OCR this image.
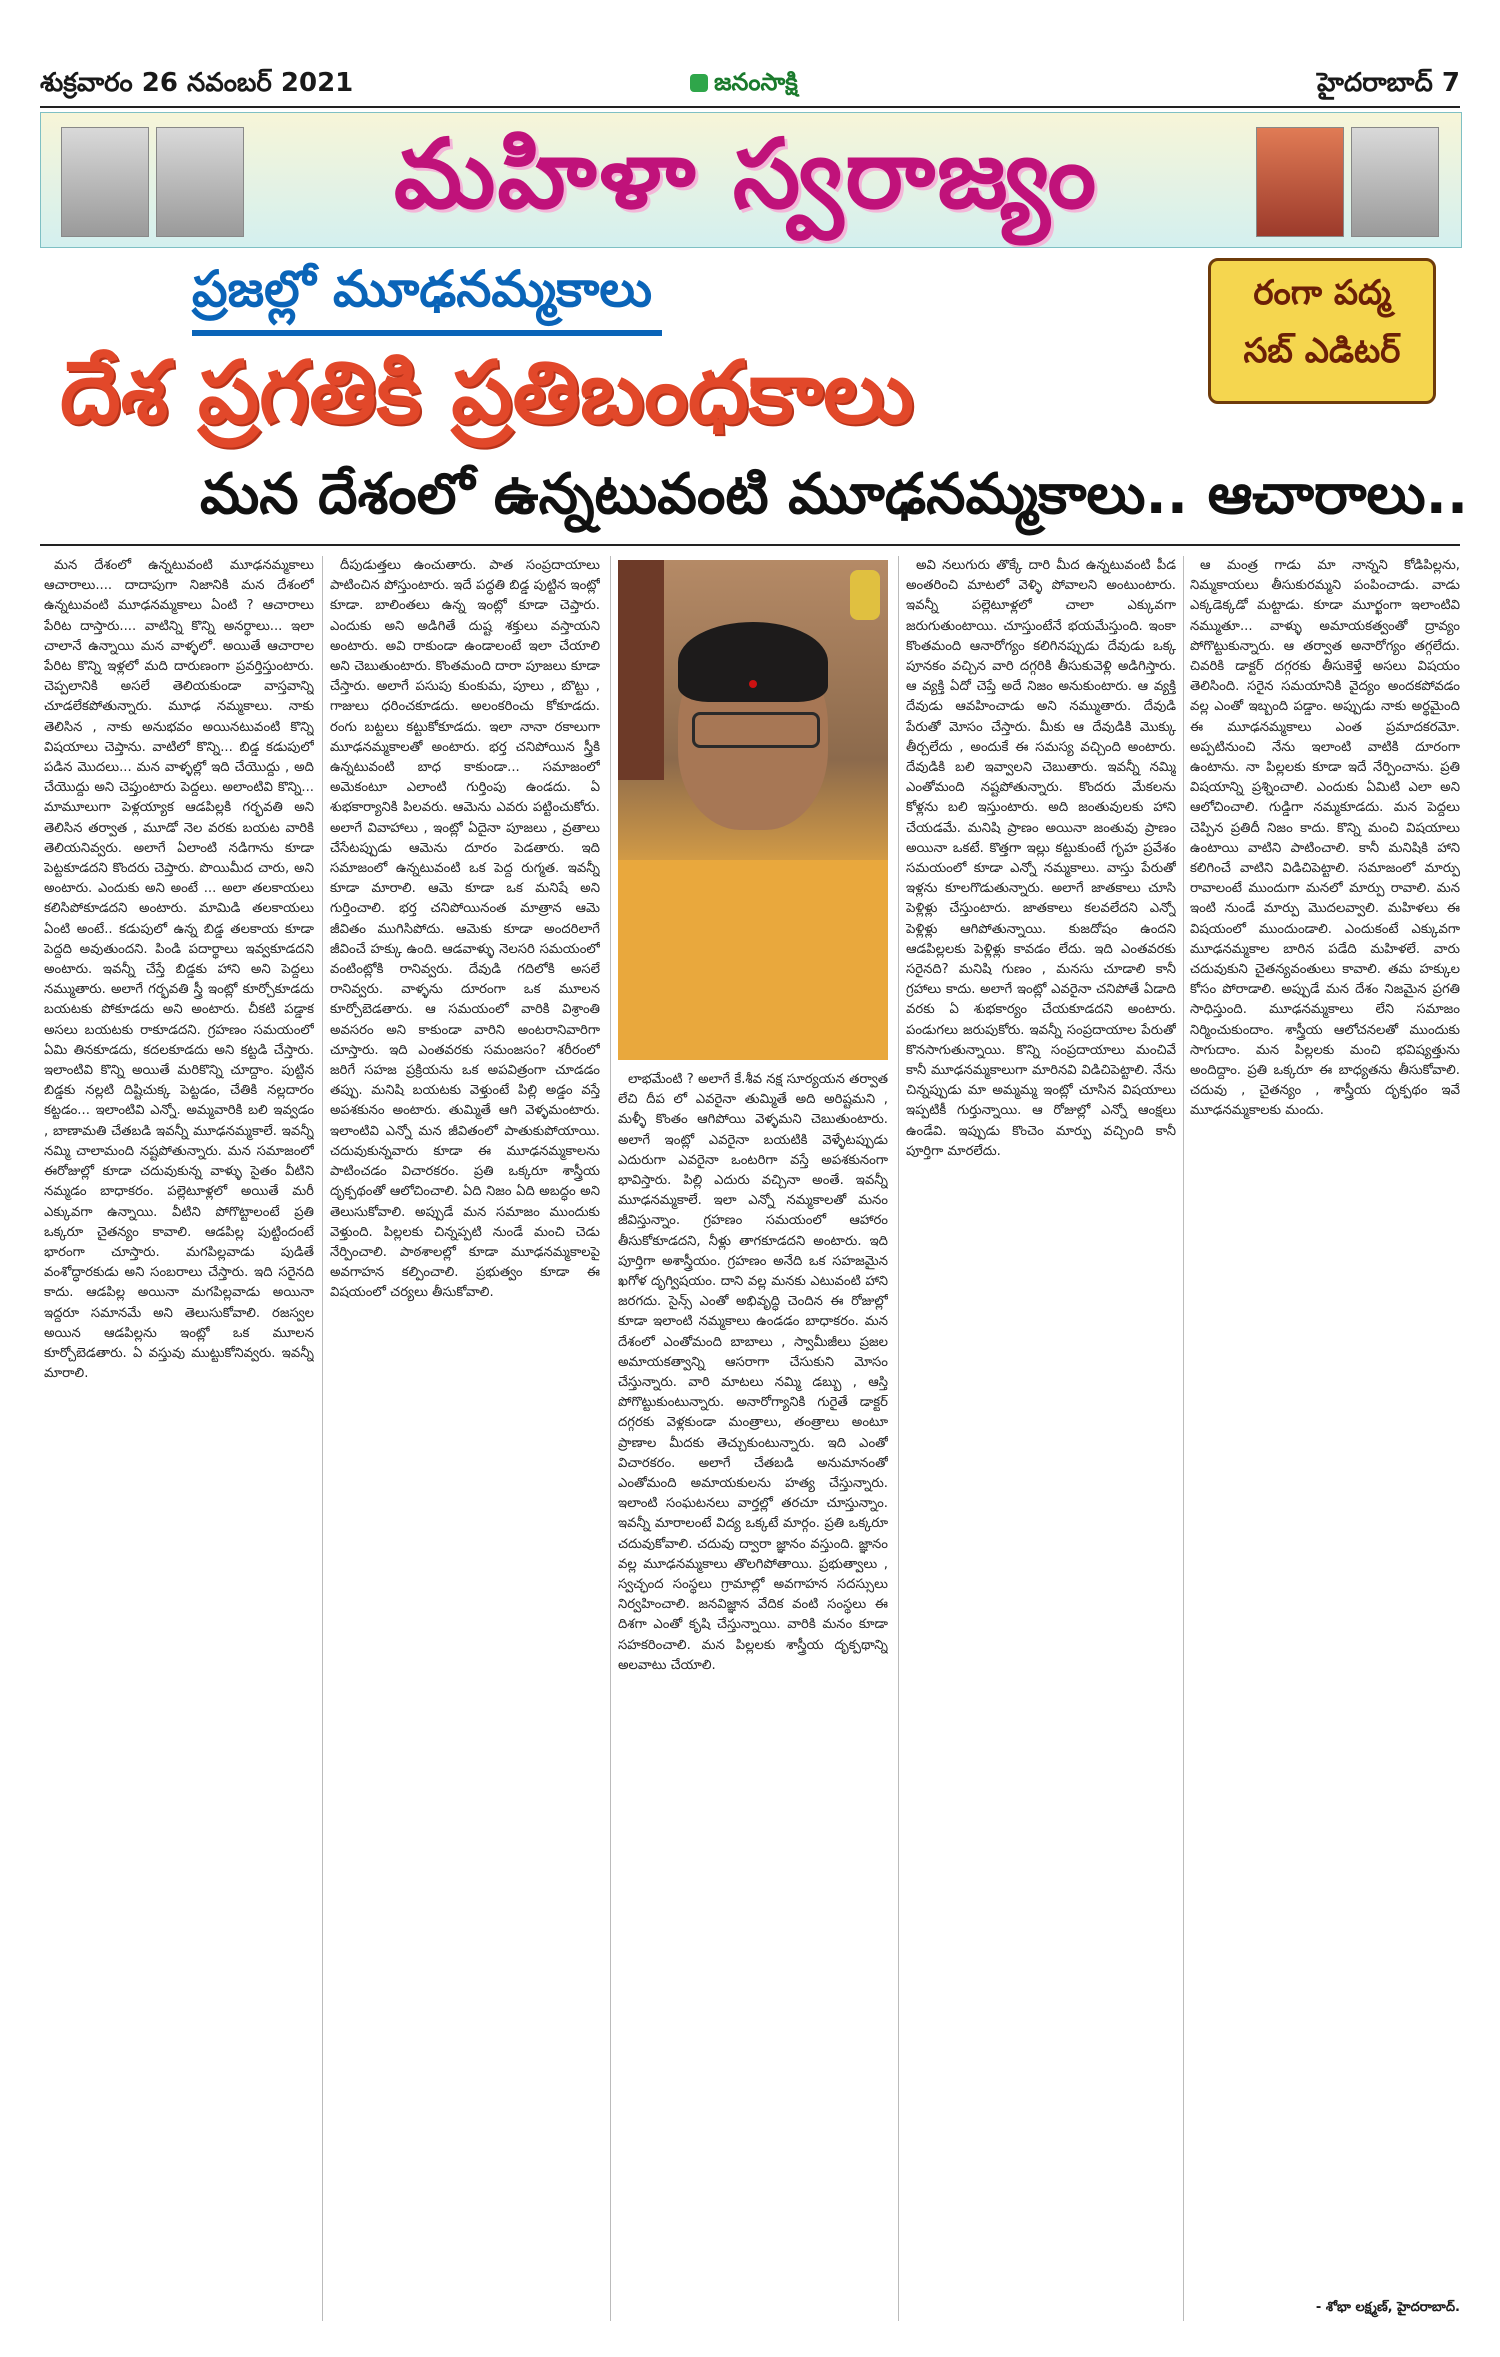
శుక్రవారం 26 నవంబర్ 2021	జనంసాక్షి	హైదరాబాద్ 7
మహిళా స్వరాజ్యం
ప్రజల్లో మూఢనమ్మకాలు	రంగా పద్మ
సబ్ ఎడిటర్
దేశ ప్రగతికి ప్రతిబంధకాలు
మన దేశంలో ఉన్నటువంటి మూఢనమ్మకాలు.. ఆచారాలు..

మన దేశంలో ఉన్నటువంటి మూఢనమ్మకాలు ఆచారాలు.... దాదాపుగా నిజానికి మన దేశంలో ఉన్నటువంటి మూఢనమ్మకాలు ఏంటి ? ఆచారాలు పేరిట దాస్తారు.... వాటిన్ని కొన్ని అనర్థాలు... ఇలా చాలానే ఉన్నాయి మన వాళ్ళలో. అయితే ఆచారాల పేరిట కొన్ని ఇళ్లలో మది దారుణంగా ప్రవర్తిస్తుంటారు. చెప్పలానికి అసలే తెలియకుండా వాస్తవాన్ని చూడలేకపోతున్నారు. మూఢ నమ్మకాలు. నాకు తెలిసిన , నాకు అనుభవం అయినటువంటి కొన్ని విషయాలు చెప్తాను. వాటిలో కొన్ని... బిడ్డ కడుపులో పడిన మొదలు... మన వాళ్ళల్లో ఇది చేయొద్దు , అది చేయొద్దు అని చెప్తుంటారు పెద్దలు. అలాంటివి కొన్ని... మామూలుగా పెళ్లయ్యాక ఆడపిల్లకి గర్భవతి అని తెలిసిన తర్వాత , మూడో నెల వరకు బయట వారికి తెలియనివ్వరు. అలాగే ఏలాంటి నడిగాను కూడా పెట్టకూడదని కొందరు చెప్తారు. పొయిమీద చారు, అని అంటారు. ఎందుకు అని అంటే ... అలా తలకాయలు కలిసిపోకూడదని అంటారు. మామిడి తలకాయలు ఏంటి అంటే.. కడుపులో ఉన్న బిడ్డ తలకాయ కూడా పెద్దది అవుతుందని. పిండి పదార్థాలు ఇవ్వకూడదని అంటారు. ఇవన్నీ చేస్తే బిడ్డకు హాని అని పెద్దలు నమ్ముతారు. అలాగే గర్భవతి స్త్రీ ఇంట్లో కూర్చోకూడదు బయటకు పోకూడదు అని అంటారు. చీకటి పడ్డాక అసలు బయటకు రాకూడదని. గ్రహణం సమయంలో ఏమి తినకూడదు, కదలకూడదు అని కట్టడి చేస్తారు. ఇలాంటివి కొన్ని అయితే మరికొన్ని చూద్దాం. పుట్టిన బిడ్డకు నల్లటి దిష్టిచుక్క పెట్టడం, చేతికి నల్లదారం కట్టడం... ఇలాంటివి ఎన్నో. అమ్మవారికి బలి ఇవ్వడం , బాణామతి చేతబడి ఇవన్నీ మూఢనమ్మకాలే. ఇవన్నీ నమ్మి చాలామంది నష్టపోతున్నారు. మన సమాజంలో ఈరోజుల్లో కూడా చదువుకున్న వాళ్ళు సైతం వీటిని నమ్మడం బాధాకరం. పల్లెటూళ్లలో అయితే మరీ ఎక్కువగా ఉన్నాయి. వీటిని పోగొట్టాలంటే ప్రతి ఒక్కరూ చైతన్యం కావాలి. ఆడపిల్ల పుట్టిందంటే భారంగా చూస్తారు. మగపిల్లవాడు పుడితే వంశోద్ధారకుడు అని సంబరాలు చేస్తారు. ఇది సరైనది కాదు. ఆడపిల్ల అయినా మగపిల్లవాడు అయినా ఇద్దరూ సమానమే అని తెలుసుకోవాలి. రజస్వల అయిన ఆడపిల్లను ఇంట్లో ఒక మూలన కూర్చోబెడతారు. ఏ వస్తువు ముట్టుకోనివ్వరు. ఇవన్నీ మారాలి.

దీపుడుత్తలు ఉంచుతారు. పాత సంప్రదాయాలు పాటించిన పోస్తుంటారు. ఇదే పద్ధతి బిడ్డ పుట్టిన ఇంట్లో కూడా. బాలింతలు ఉన్న ఇంట్లో కూడా చెప్తారు. ఎందుకు అని అడిగితే దుష్ట శక్తులు వస్తాయని అంటారు. అవి రాకుండా ఉండాలంటే ఇలా చేయాలి అని చెబుతుంటారు. కొంతమంది దారా పూజలు కూడా చేస్తారు. అలాగే పసుపు కుంకుమ, పూలు , బొట్టు , గాజులు ధరించకూడదు. అలంకరించు కోకూడదు. రంగు బట్టలు కట్టుకోకూడదు. ఇలా నానా రకాలుగా మూఢనమ్మకాలతో అంటారు. భర్త చనిపోయిన స్త్రీకి ఉన్నటువంటి బాధ కాకుండా... సమాజంలో అమెకంటూ ఎలాంటి గుర్తింపు ఉండదు. ఏ శుభకార్యానికి పిలవరు. ఆమెను ఎవరు పట్టించుకోరు. అలాగే వివాహాలు , ఇంట్లో ఏదైనా పూజలు , వ్రతాలు చేసేటప్పుడు ఆమెను దూరం పెడతారు. ఇది సమాజంలో ఉన్నటువంటి ఒక పెద్ద రుగ్మత. ఇవన్నీ కూడా మారాలి. ఆమె కూడా ఒక మనిషే అని గుర్తించాలి. భర్త చనిపోయినంత మాత్రాన ఆమె జీవితం ముగిసిపోదు. ఆమెకు కూడా అందరిలాగే జీవించే హక్కు ఉంది. ఆడవాళ్ళు నెలసరి సమయంలో వంటింట్లోకి రానివ్వరు. దేవుడి గదిలోకి అసలే రానివ్వరు. వాళ్ళను దూరంగా ఒక మూలన కూర్చోబెడతారు. ఆ సమయంలో వారికి విశ్రాంతి అవసరం అని కాకుండా వారిని అంటరానివారిగా చూస్తారు. ఇది ఎంతవరకు సమంజసం? శరీరంలో జరిగే సహజ ప్రక్రియను ఒక అపవిత్రంగా చూడడం తప్పు. మనిషి బయటకు వెళ్తుంటే పిల్లి అడ్డం వస్తే అపశకునం అంటారు. తుమ్మితే ఆగి వెళ్ళమంటారు. ఇలాంటివి ఎన్నో మన జీవితంలో పాతుకుపోయాయి. చదువుకున్నవారు కూడా ఈ మూఢనమ్మకాలను పాటించడం విచారకరం. ప్రతి ఒక్కరూ శాస్త్రీయ దృక్పథంతో ఆలోచించాలి. ఏది నిజం ఏది అబద్ధం అని తెలుసుకోవాలి. అప్పుడే మన సమాజం ముందుకు వెళ్తుంది. పిల్లలకు చిన్నప్పటి నుండే మంచి చెడు నేర్పించాలి. పాఠశాలల్లో కూడా మూఢనమ్మకాలపై అవగాహన కల్పించాలి. ప్రభుత్వం కూడా ఈ విషయంలో చర్యలు తీసుకోవాలి.

లాభమేంటి ? అలాగే కే.శీవ నక్ష సూర్యయన తర్వాత లేచి దీప లో ఎవరైనా తుమ్మితే అది అరిష్టమని , మళ్ళీ కొంతం ఆగిపోయి వెళ్ళమని చెబుతుంటారు. అలాగే ఇంట్లో ఎవరైనా బయటికి వెళ్ళేటప్పుడు ఎదురుగా ఎవరైనా ఒంటరిగా వస్తే అపశకునంగా భావిస్తారు. పిల్లి ఎదురు వచ్చినా అంతే. ఇవన్నీ మూఢనమ్మకాలే. ఇలా ఎన్నో నమ్మకాలతో మనం జీవిస్తున్నాం. గ్రహణం సమయంలో ఆహారం తీసుకోకూడదని, నీళ్లు తాగకూడదని అంటారు. ఇది పూర్తిగా అశాస్త్రీయం. గ్రహణం అనేది ఒక సహజమైన ఖగోళ దృగ్విషయం. దాని వల్ల మనకు ఎటువంటి హాని జరగదు. సైన్స్ ఎంతో అభివృద్ధి చెందిన ఈ రోజుల్లో కూడా ఇలాంటి నమ్మకాలు ఉండడం బాధాకరం. మన దేశంలో ఎంతోమంది బాబాలు , స్వామీజీలు ప్రజల అమాయకత్వాన్ని ఆసరాగా చేసుకుని మోసం చేస్తున్నారు. వారి మాటలు నమ్మి డబ్బు , ఆస్తి పోగొట్టుకుంటున్నారు. అనారోగ్యానికి గురైతే డాక్టర్ దగ్గరకు వెళ్లకుండా మంత్రాలు, తంత్రాలు అంటూ ప్రాణాల మీదకు తెచ్చుకుంటున్నారు. ఇది ఎంతో విచారకరం. అలాగే చేతబడి అనుమానంతో ఎంతోమంది అమాయకులను హత్య చేస్తున్నారు. ఇలాంటి సంఘటనలు వార్తల్లో తరచూ చూస్తున్నాం. ఇవన్నీ మారాలంటే విద్య ఒక్కటే మార్గం. ప్రతి ఒక్కరూ చదువుకోవాలి. చదువు ద్వారా జ్ఞానం వస్తుంది. జ్ఞానం వల్ల మూఢనమ్మకాలు తొలగిపోతాయి. ప్రభుత్వాలు , స్వచ్ఛంద సంస్థలు గ్రామాల్లో అవగాహన సదస్సులు నిర్వహించాలి. జనవిజ్ఞాన వేదిక వంటి సంస్థలు ఈ దిశగా ఎంతో కృషి చేస్తున్నాయి. వారికి మనం కూడా సహకరించాలి. మన పిల్లలకు శాస్త్రీయ దృక్పథాన్ని అలవాటు చేయాలి.

అవి నలుగురు తొక్కే దారి మీద ఉన్నటువంటి పీడ అంతరించి మాటలో వెళ్ళి పోవాలని అంటుంటారు. ఇవన్నీ పల్లెటూళ్లలో చాలా ఎక్కువగా జరుగుతుంటాయి. చూస్తుంటేనే భయమేస్తుంది. ఇంకా కొంతమంది ఆనారోగ్యం కలిగినప్పుడు దేవుడు ఒక్క పూనకం వచ్చిన వారి దగ్గరికి తీసుకువెళ్లి అడిగిస్తారు. ఆ వ్యక్తి ఏదో చెప్తే అదే నిజం అనుకుంటారు. ఆ వ్యక్తి దేవుడు ఆవహించాడు అని నమ్ముతారు. దేవుడి పేరుతో మోసం చేస్తారు. మీకు ఆ దేవుడికి మొక్కు తీర్చలేదు , అందుకే ఈ సమస్య వచ్చింది అంటారు. దేవుడికి బలి ఇవ్వాలని చెబుతారు. ఇవన్నీ నమ్మి ఎంతోమంది నష్టపోతున్నారు. కొందరు మేకలను కోళ్లను బలి ఇస్తుంటారు. అది జంతువులకు హాని చేయడమే. మనిషి ప్రాణం అయినా జంతువు ప్రాణం అయినా ఒకటే. కొత్తగా ఇల్లు కట్టుకుంటే గృహ ప్రవేశం సమయంలో కూడా ఎన్నో నమ్మకాలు. వాస్తు పేరుతో ఇళ్లను కూలగొడుతున్నారు. అలాగే జాతకాలు చూసి పెళ్లిళ్లు చేస్తుంటారు. జాతకాలు కలవలేదని ఎన్నో పెళ్లిళ్లు ఆగిపోతున్నాయి. కుజదోషం ఉందని ఆడపిల్లలకు పెళ్లిళ్లు కావడం లేదు. ఇది ఎంతవరకు సరైనది? మనిషి గుణం , మనసు చూడాలి కానీ గ్రహాలు కాదు. అలాగే ఇంట్లో ఎవరైనా చనిపోతే ఏడాది వరకు ఏ శుభకార్యం చేయకూడదని అంటారు. పండుగలు జరుపుకోరు. ఇవన్నీ సంప్రదాయాల పేరుతో కొనసాగుతున్నాయి. కొన్ని సంప్రదాయాలు మంచివే కానీ మూఢనమ్మకాలుగా మారినవి విడిచిపెట్టాలి. నేను చిన్నప్పుడు మా అమ్మమ్మ ఇంట్లో చూసిన విషయాలు ఇప్పటికీ గుర్తున్నాయి. ఆ రోజుల్లో ఎన్నో ఆంక్షలు ఉండేవి. ఇప్పుడు కొంచెం మార్పు వచ్చింది కానీ పూర్తిగా మారలేదు.

ఆ మంత్ర గాడు మా నాన్నని కోడిపిల్లను, నిమ్మకాయలు తీసుకురమ్మని పంపించాడు. వాడు ఎక్కడెక్కడో మట్టాడు. కూడా మూర్ఖంగా ఇలాంటివి నమ్ముతూ... వాళ్ళు అమాయకత్వంతో ద్రావ్యం పోగొట్టుకున్నారు. ఆ తర్వాత అనారోగ్యం తగ్గలేదు. చివరికి డాక్టర్ దగ్గరకు తీసుకెళ్తే అసలు విషయం తెలిసింది. సరైన సమయానికి వైద్యం అందకపోవడం వల్ల ఎంతో ఇబ్బంది పడ్డాం. అప్పుడు నాకు అర్థమైంది ఈ మూఢనమ్మకాలు ఎంత ప్రమాదకరమో. అప్పటినుంచి నేను ఇలాంటి వాటికి దూరంగా ఉంటాను. నా పిల్లలకు కూడా ఇదే నేర్పించాను. ప్రతి విషయాన్ని ప్రశ్నించాలి. ఎందుకు ఏమిటి ఎలా అని ఆలోచించాలి. గుడ్డిగా నమ్మకూడదు. మన పెద్దలు చెప్పిన ప్రతిదీ నిజం కాదు. కొన్ని మంచి విషయాలు ఉంటాయి వాటిని పాటించాలి. కానీ మనిషికి హాని కలిగించే వాటిని విడిచిపెట్టాలి. సమాజంలో మార్పు రావాలంటే ముందుగా మనలో మార్పు రావాలి. మన ఇంటి నుండే మార్పు మొదలవ్వాలి. మహిళలు ఈ విషయంలో ముందుండాలి. ఎందుకంటే ఎక్కువగా మూఢనమ్మకాల బారిన పడేది మహిళలే. వారు చదువుకుని చైతన్యవంతులు కావాలి. తమ హక్కుల కోసం పోరాడాలి. అప్పుడే మన దేశం నిజమైన ప్రగతి సాధిస్తుంది. మూఢనమ్మకాలు లేని సమాజం నిర్మించుకుందాం. శాస్త్రీయ ఆలోచనలతో ముందుకు సాగుదాం. మన పిల్లలకు మంచి భవిష్యత్తును అందిద్దాం. ప్రతి ఒక్కరూ ఈ బాధ్యతను తీసుకోవాలి. చదువు , చైతన్యం , శాస్త్రీయ దృక్పథం ఇవే మూఢనమ్మకాలకు మందు.

- శోభా లక్ష్మణ్, హైదరాబాద్.
